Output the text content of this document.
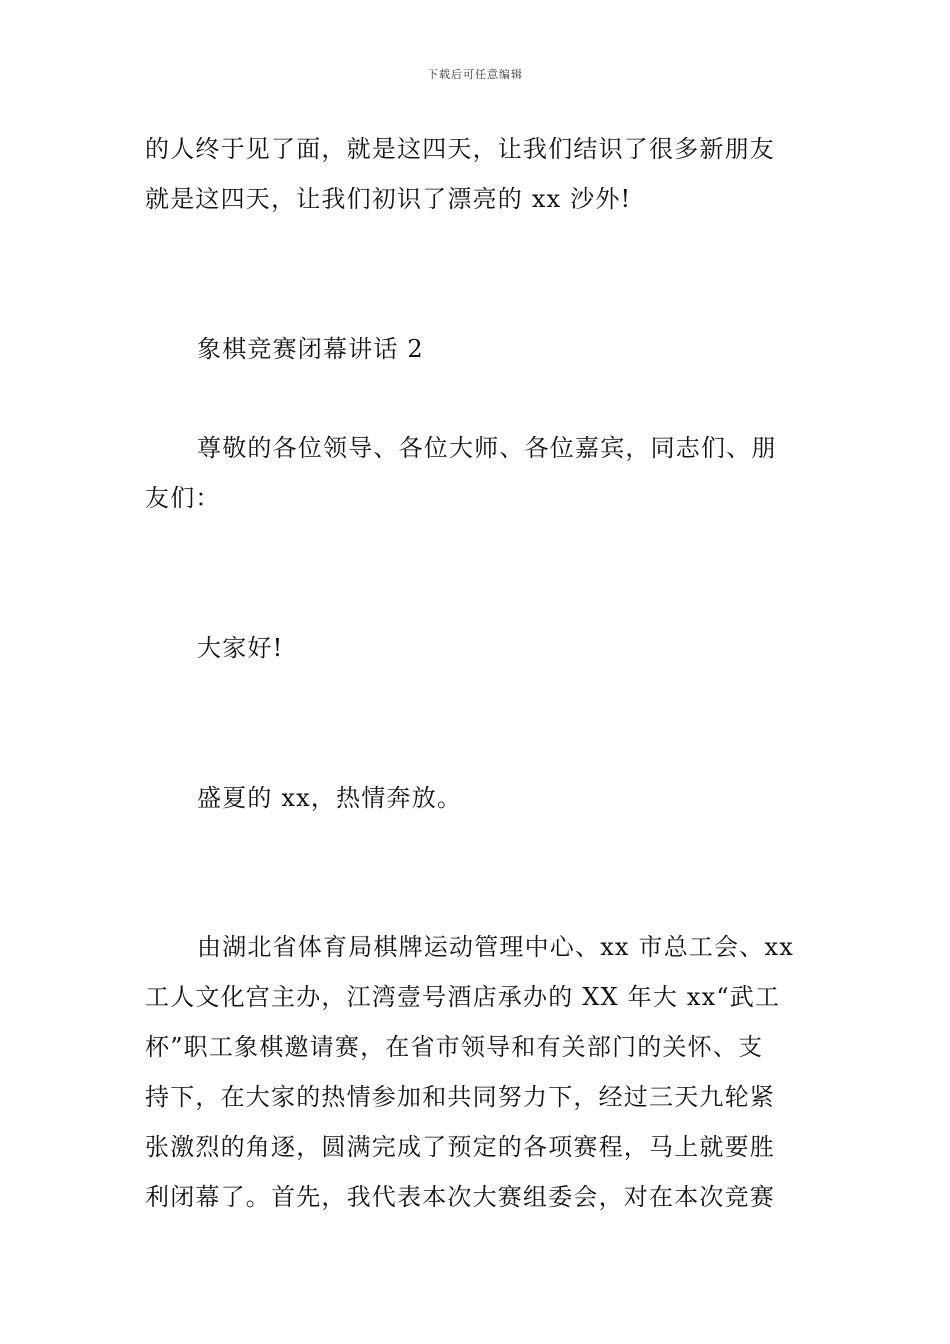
下载后可任意编辑
的人终于见了面，就是这四天，让我们结识了很多新朋友
就是这四天，让我们初识了漂亮的 xx 沙外!
象棋竞赛闭幕讲话 2
尊敬的各位领导、各位大师、各位嘉宾，同志们、朋
友们：
大家好!
盛夏的 xx，热情奔放。
由湖北省体育局棋牌运动管理中心、xx 市总工会、xx
工人文化宫主办，江湾壹号酒店承办的 XX 年大 xx“武工
杯”职工象棋邀请赛，在省市领导和有关部门的关怀、支
持下，在大家的热情参加和共同努力下，经过三天九轮紧
张激烈的角逐，圆满完成了预定的各项赛程，马上就要胜
利闭幕了。首先，我代表本次大赛组委会，对在本次竞赛
